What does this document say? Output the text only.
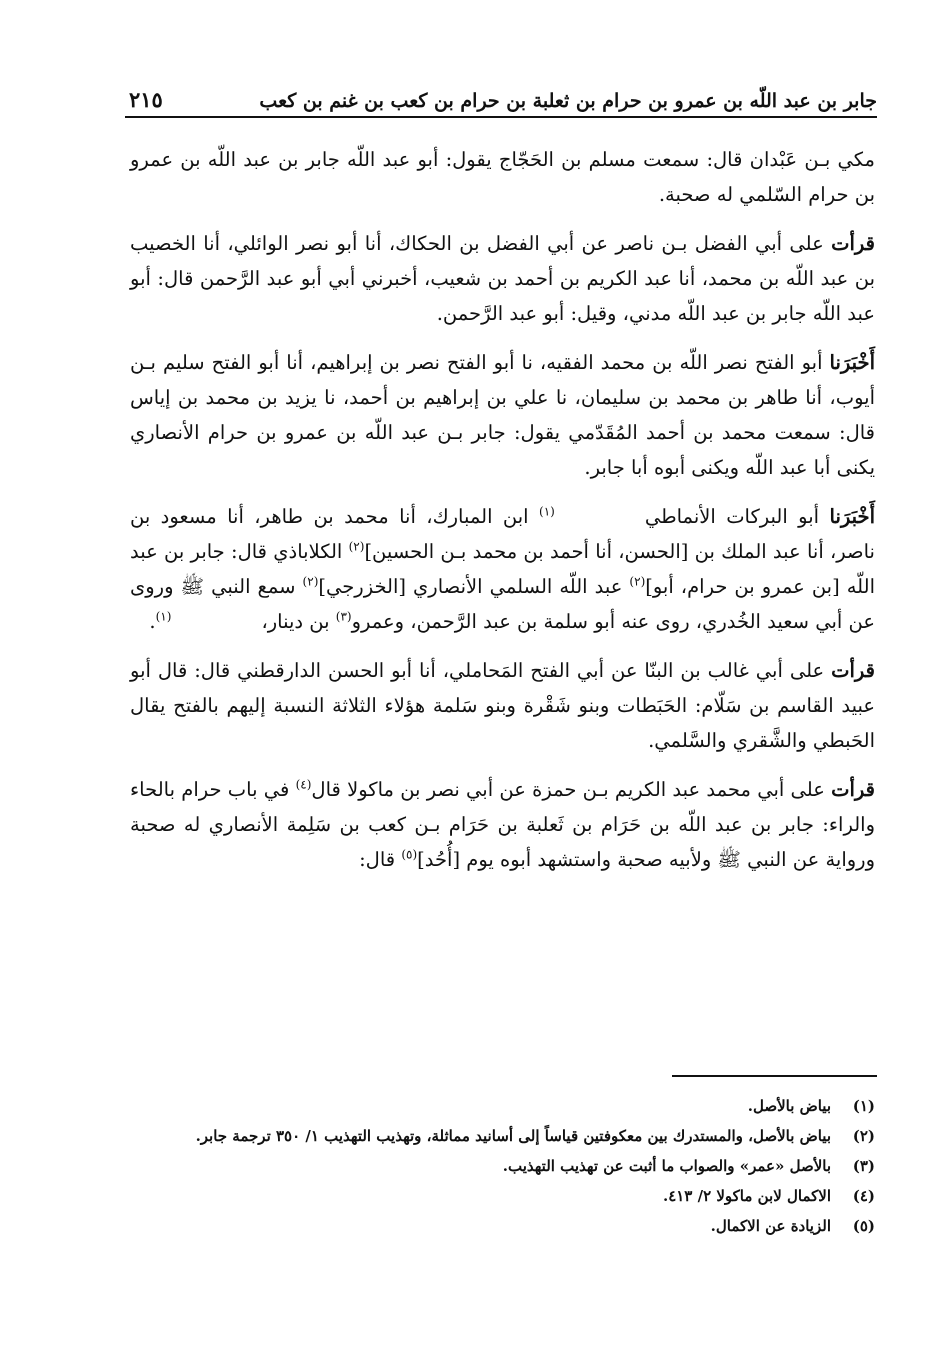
جابر بن عبد اللّه بن عمرو بن حرام بن ثعلبة بن حرام بن كعب بن غنم بن كعب
٢١٥

مكي بـن عَبْدان قال: سمعت مسلم بن الحَجّاج يقول: أبو عبد اللّه جابر بن عبد اللّه بن عمرو بن حرام السّلمي له صحبة.

قرأت على أبي الفضل بـن ناصر عن أبي الفضل بن الحكاك، أنا أبو نصر الوائلي، أنا الخصيب بن عبد اللّه بن محمد، أنا عبد الكريم بن أحمد بن شعيب، أخبرني أبي أبو عبد الرَّحمن قال: أبو عبد اللّه جابر بن عبد اللّه مدني، وقيل: أبو عبد الرَّحمن.

أَخْبَرَنا أبو الفتح نصر اللّه بن محمد الفقيه، نا أبو الفتح نصر بن إبراهيم، أنا أبو الفتح سليم بـن أيوب، أنا طاهر بن محمد بن سليمان، نا علي بن إبراهيم بن أحمد، نا يزيد بن محمد بن إياس قال: سمعت محمد بن أحمد المُقَدّمي يقول: جابر بـن عبد اللّه بن عمرو بن حرام الأنصاري يكنى أبا عبد اللّه ويكنى أبوه أبا جابر.

أَخْبَرَنا أبو البركات الأنماطي$^{(١)}$ ابن المبارك، أنا محمد بن طاهر، أنا مسعود بن ناصر، أنا عبد الملك بن [الحسن، أنا أحمد بن محمد بـن الحسين]$^{(٢)}$ الكلاباذي قال: جابر بن عبد اللّه [بن عمرو بن حرام، أبو]$^{(٢)}$ عبد اللّه السلمي الأنصاري [الخزرجي]$^{(٢)}$ سمع النبي ﷺ وروى عن أبي سعيد الخُدري، روى عنه أبو سلمة بن عبد الرَّحمن، وعمرو$^{(٣)}$ بن دينار،$^{(١)}$.

قرأت على أبي غالب بن البنّا عن أبي الفتح المَحاملي، أنا أبو الحسن الدارقطني قال: قال أبو عبيد القاسم بن سَلّام: الحَبَطات وبنو شَقْرة وبنو سَلمة هؤلاء الثلاثة النسبة إليهم بالفتح يقال الحَبطي والشَّقري والسَّلمي.

قرأت على أبي محمد عبد الكريم بـن حمزة عن أبي نصر بن ماكولا قال$^{(٤)}$ في باب حرام بالحاء والراء: جابر بن عبد اللّه بن حَرَام بن ثَعلبة بن حَرَام بـن كعب بن سَلِمة الأنصاري له صحبة ورواية عن النبي ﷺ ولأبيه صحبة واستشهد أبوه يوم [أُحُد]$^{(٥)}$ قال:

(١)
بياض بالأصل.
(٢)
بياض بالأصل، والمستدرك بين معكوفتين قياساً إلى أسانيد مماثلة، وتهذيب التهذيب ١/ ٣٥٠ ترجمة جابر.
(٣)
بالأصل «عمر» والصواب ما أثبت عن تهذيب التهذيب.
(٤)
الاكمال لابن ماكولا ٢/ ٤١٣.
(٥)
الزيادة عن الاكمال.
